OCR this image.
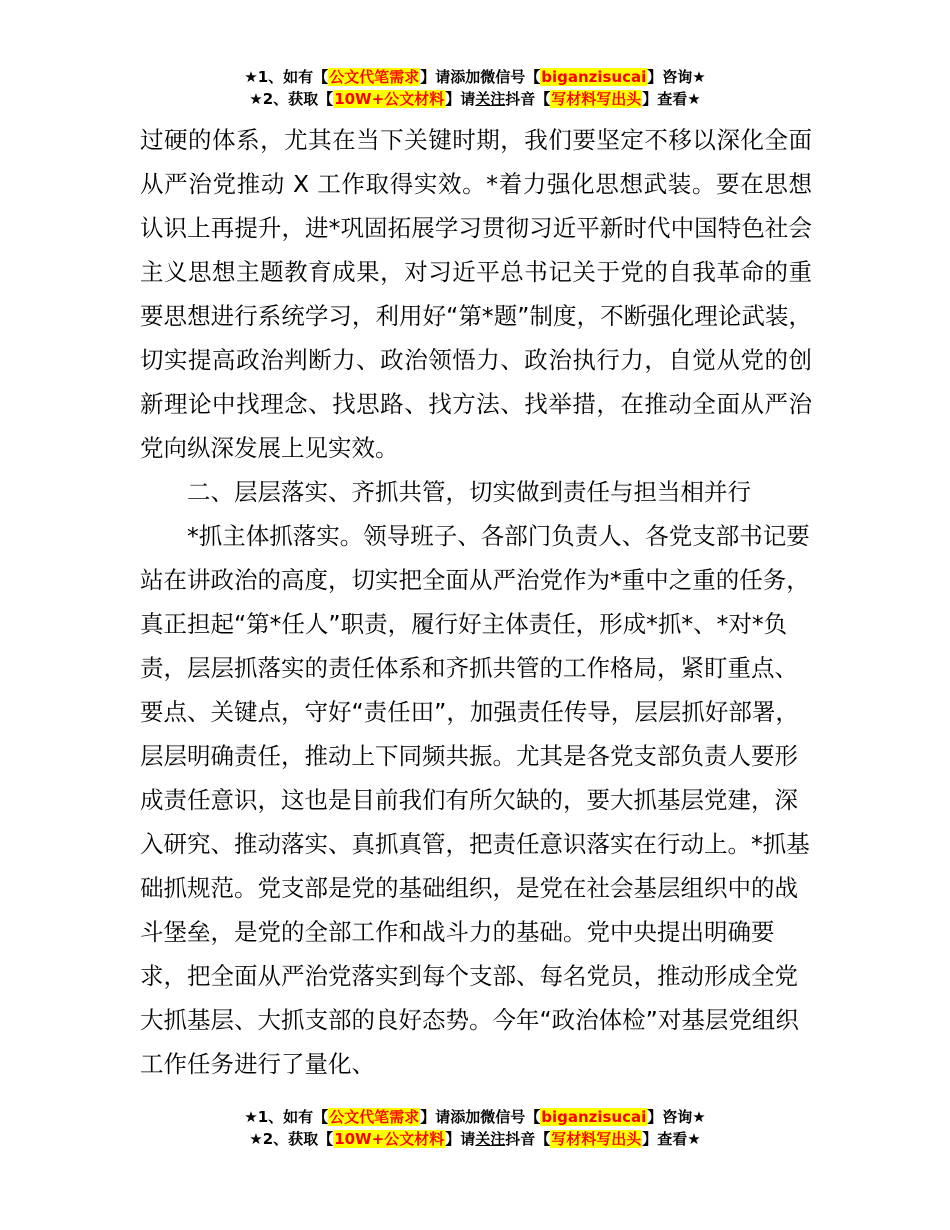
★1、如有【公文代笔需求】请添加微信号【biganzisucai】咨询★
★2、获取【10W+公文材料】请关注抖音【写材料写出头】查看★

过硬的体系，尤其在当下关键时期，我们要坚定不移以深化全面从严治党推动 X 工作取得实效。*着力强化思想武装。要在思想认识上再提升，进*巩固拓展学习贯彻习近平新时代中国特色社会主义思想主题教育成果，对习近平总书记关于党的自我革命的重要思想进行系统学习，利用好“第*题”制度，不断强化理论武装，切实提高政治判断力、政治领悟力、政治执行力，自觉从党的创新理论中找理念、找思路、找方法、找举措，在推动全面从严治党向纵深发展上见实效。

二、层层落实、齐抓共管，切实做到责任与担当相并行

*抓主体抓落实。领导班子、各部门负责人、各党支部书记要站在讲政治的高度，切实把全面从严治党作为*重中之重的任务，真正担起“第*任人”职责，履行好主体责任，形成*抓*、*对*负责，层层抓落实的责任体系和齐抓共管的工作格局，紧盯重点、要点、关键点，守好“责任田”，加强责任传导，层层抓好部署，层层明确责任，推动上下同频共振。尤其是各党支部负责人要形成责任意识，这也是目前我们有所欠缺的，要大抓基层党建，深入研究、推动落实、真抓真管，把责任意识落实在行动上。*抓基础抓规范。党支部是党的基础组织，是党在社会基层组织中的战斗堡垒，是党的全部工作和战斗力的基础。党中央提出明确要求，把全面从严治党落实到每个支部、每名党员，推动形成全党大抓基层、大抓支部的良好态势。今年“政治体检”对基层党组织工作任务进行了量化、

★1、如有【公文代笔需求】请添加微信号【biganzisucai】咨询★
★2、获取【10W+公文材料】请关注抖音【写材料写出头】查看★
